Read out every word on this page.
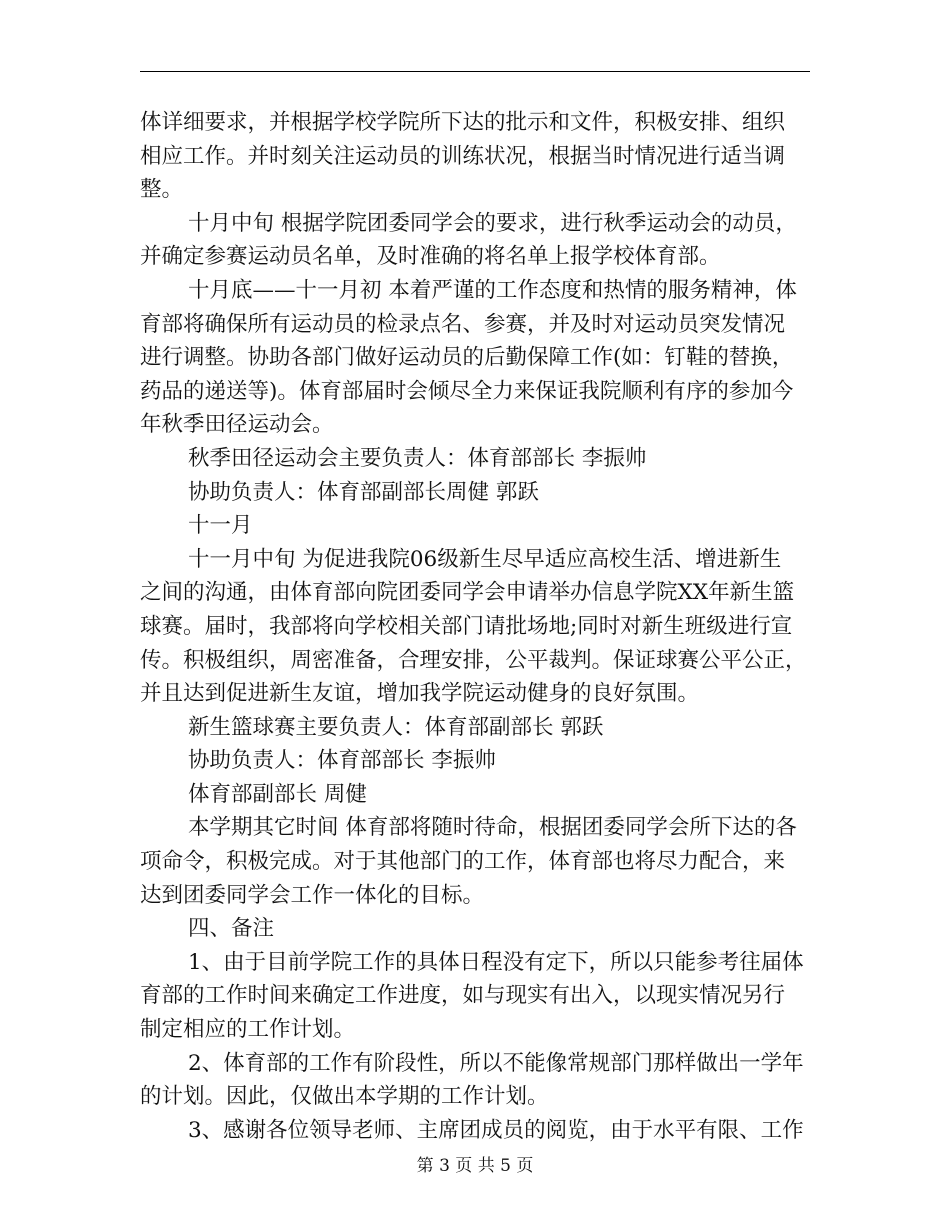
体详细要求，并根据学校学院所下达的批示和文件，积极安排、组织
相应工作。并时刻关注运动员的训练状况，根据当时情况进行适当调
整。
十月中旬 根据学院团委同学会的要求，进行秋季运动会的动员，
并确定参赛运动员名单，及时准确的将名单上报学校体育部。
十月底——十一月初 本着严谨的工作态度和热情的服务精神，体
育部将确保所有运动员的检录点名、参赛，并及时对运动员突发情况
进行调整。协助各部门做好运动员的后勤保障工作(如：钉鞋的替换，
药品的递送等)。体育部届时会倾尽全力来保证我院顺利有序的参加今
年秋季田径运动会。
秋季田径运动会主要负责人：体育部部长 李振帅
协助负责人：体育部副部长周健 郭跃
十一月
十一月中旬 为促进我院06级新生尽早适应高校生活、增进新生
之间的沟通，由体育部向院团委同学会申请举办信息学院XX年新生篮
球赛。届时，我部将向学校相关部门请批场地;同时对新生班级进行宣
传。积极组织，周密准备，合理安排，公平裁判。保证球赛公平公正，
并且达到促进新生友谊，增加我学院运动健身的良好氛围。
新生篮球赛主要负责人：体育部副部长 郭跃
协助负责人：体育部部长 李振帅
体育部副部长 周健
本学期其它时间 体育部将随时待命，根据团委同学会所下达的各
项命令，积极完成。对于其他部门的工作，体育部也将尽力配合，来
达到团委同学会工作一体化的目标。
四、备注
1、由于目前学院工作的具体日程没有定下，所以只能参考往届体
育部的工作时间来确定工作进度，如与现实有出入，以现实情况另行
制定相应的工作计划。
2、体育部的工作有阶段性，所以不能像常规部门那样做出一学年
的计划。因此，仅做出本学期的工作计划。
3、感谢各位领导老师、主席团成员的阅览，由于水平有限、工作
第 3 页 共 5 页
